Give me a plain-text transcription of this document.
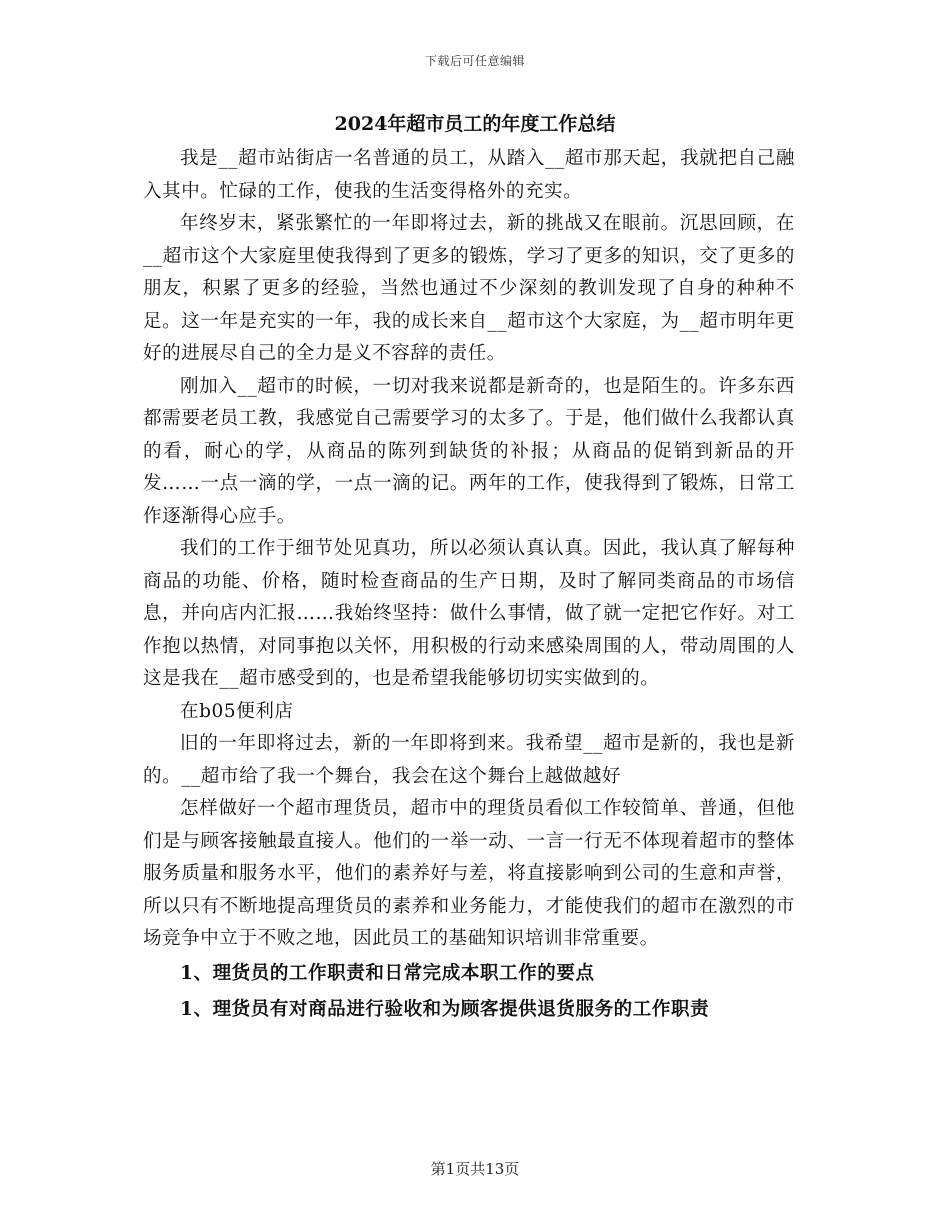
下载后可任意编辑
2024年超市员工的年度工作总结

我是__超市站街店一名普通的员工，从踏入__超市那天起，我就把自己融入其中。忙碌的工作，使我的生活变得格外的充实。

年终岁末，紧张繁忙的一年即将过去，新的挑战又在眼前。沉思回顾，在__超市这个大家庭里使我得到了更多的锻炼，学习了更多的知识，交了更多的朋友，积累了更多的经验，当然也通过不少深刻的教训发现了自身的种种不足。这一年是充实的一年，我的成长来自__超市这个大家庭，为__超市明年更好的进展尽自己的全力是义不容辞的责任。

刚加入__超市的时候，一切对我来说都是新奇的，也是陌生的。许多东西都需要老员工教，我感觉自己需要学习的太多了。于是，他们做什么我都认真的看，耐心的学，从商品的陈列到缺货的补报；从商品的促销到新品的开发……一点一滴的学，一点一滴的记。两年的工作，使我得到了锻炼，日常工作逐渐得心应手。

我们的工作于细节处见真功，所以必须认真认真。因此，我认真了解每种商品的功能、价格，随时检查商品的生产日期，及时了解同类商品的市场信息，并向店内汇报……我始终坚持：做什么事情，做了就一定把它作好。对工作抱以热情，对同事抱以关怀，用积极的行动来感染周围的人，带动周围的人这是我在__超市感受到的，也是希望我能够切切实实做到的。

在b05便利店

旧的一年即将过去，新的一年即将到来。我希望__超市是新的，我也是新的。__超市给了我一个舞台，我会在这个舞台上越做越好

怎样做好一个超市理货员，超市中的理货员看似工作较简单、普通，但他们是与顾客接触最直接人。他们的一举一动、一言一行无不体现着超市的整体服务质量和服务水平，他们的素养好与差，将直接影响到公司的生意和声誉，所以只有不断地提高理货员的素养和业务能力，才能使我们的超市在激烈的市场竞争中立于不败之地，因此员工的基础知识培训非常重要。

1、理货员的工作职责和日常完成本职工作的要点

1、理货员有对商品进行验收和为顾客提供退货服务的工作职责

第1页共13页
